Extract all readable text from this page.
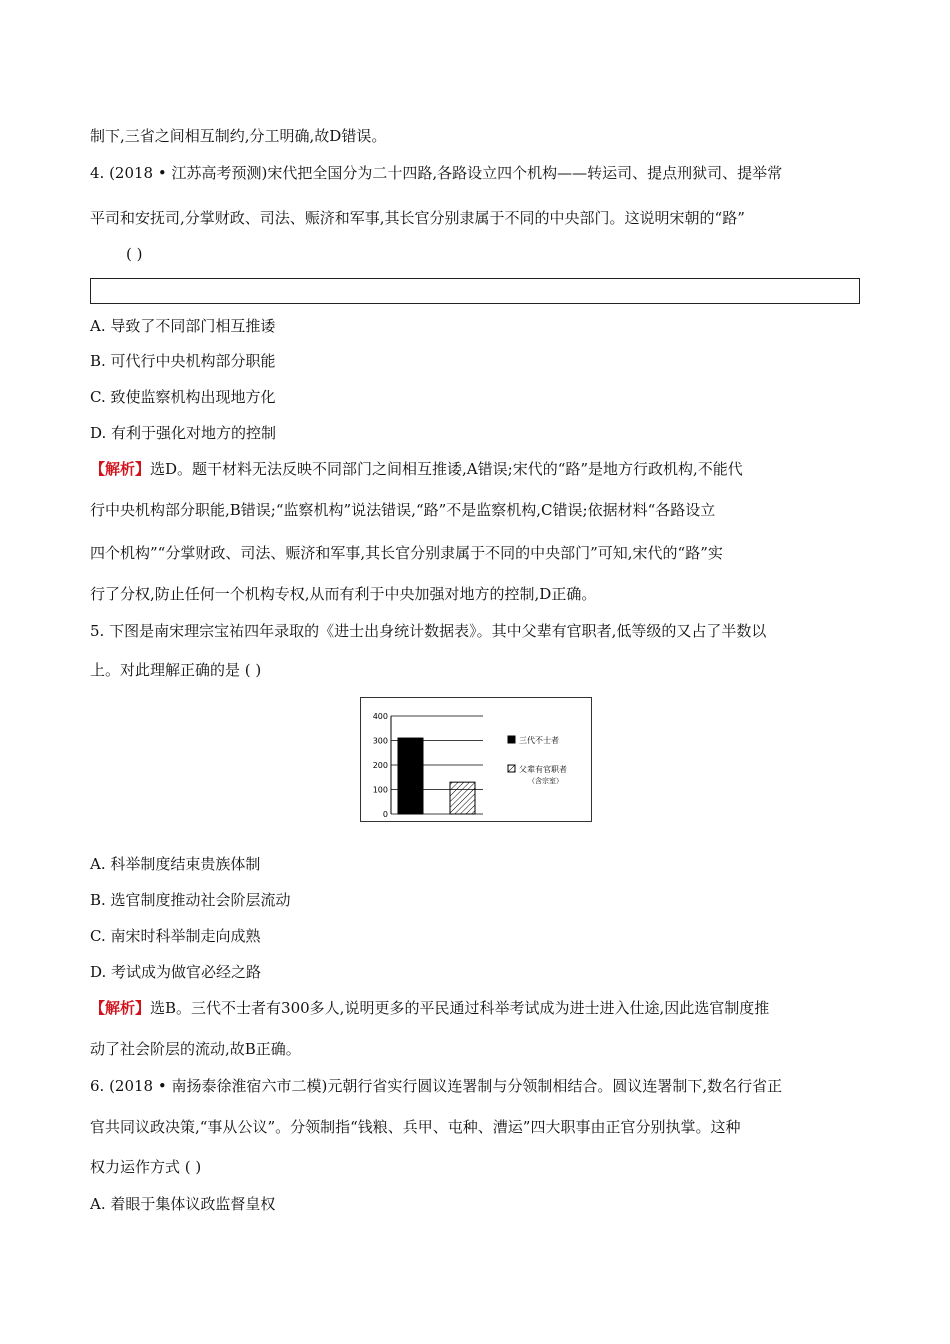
制下,三省之间相互制约,分工明确,故D错误。
4. (2018 • 江苏高考预测)宋代把全国分为二十四路,各路设立四个机构——转运司、提点刑狱司、提举常
平司和安抚司,分掌财政、司法、赈济和军事,其长官分别隶属于不同的中央部门。这说明宋朝的“路”
( )
A. 导致了不同部门相互推诿
B. 可代行中央机构部分职能
C. 致使监察机构出现地方化
D. 有利于强化对地方的控制
【解析】选D。题干材料无法反映不同部门之间相互推诿,A错误;宋代的“路”是地方行政机构,不能代
行中央机构部分职能,B错误;“监察机构”说法错误,“路”不是监察机构,C错误;依据材料“各路设立
四个机构”“分掌财政、司法、赈济和军事,其长官分别隶属于不同的中央部门”可知,宋代的“路”实
行了分权,防止任何一个机构专权,从而有利于中央加强对地方的控制,D正确。
5. 下图是南宋理宗宝祐四年录取的《进士出身统计数据表》。其中父辈有官职者,低等级的又占了半数以
上。对此理解正确的是 ( )
0
100
200
300
400
三代不士者
父辈有官职者
（含宗室）
A. 科举制度结束贵族体制
B. 选官制度推动社会阶层流动
C. 南宋时科举制走向成熟
D. 考试成为做官必经之路
【解析】选B。三代不士者有300多人,说明更多的平民通过科举考试成为进士进入仕途,因此选官制度推
动了社会阶层的流动,故B正确。
6. (2018 • 南扬泰徐淮宿六市二模)元朝行省实行圆议连署制与分领制相结合。圆议连署制下,数名行省正
官共同议政决策,“事从公议”。分领制指“钱粮、兵甲、屯种、漕运”四大职事由正官分别执掌。这种
权力运作方式 ( )
A. 着眼于集体议政监督皇权
